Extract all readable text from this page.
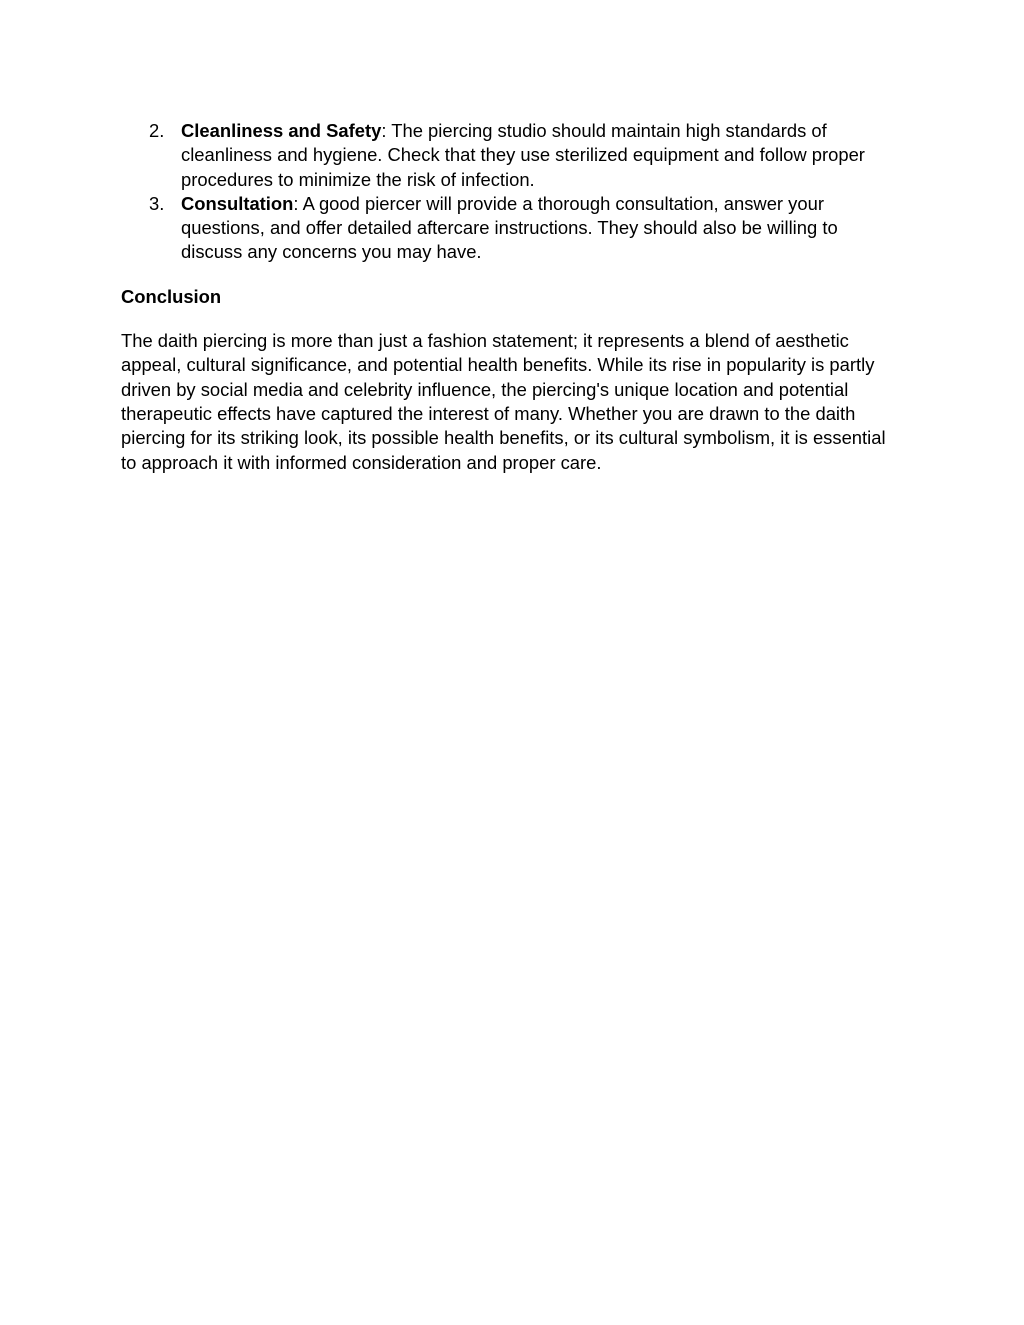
2. Cleanliness and Safety: The piercing studio should maintain high standards of cleanliness and hygiene. Check that they use sterilized equipment and follow proper procedures to minimize the risk of infection.
3. Consultation: A good piercer will provide a thorough consultation, answer your questions, and offer detailed aftercare instructions. They should also be willing to discuss any concerns you may have.
Conclusion

The daith piercing is more than just a fashion statement; it represents a blend of aesthetic appeal, cultural significance, and potential health benefits. While its rise in popularity is partly driven by social media and celebrity influence, the piercing's unique location and potential therapeutic effects have captured the interest of many. Whether you are drawn to the daith piercing for its striking look, its possible health benefits, or its cultural symbolism, it is essential to approach it with informed consideration and proper care.
